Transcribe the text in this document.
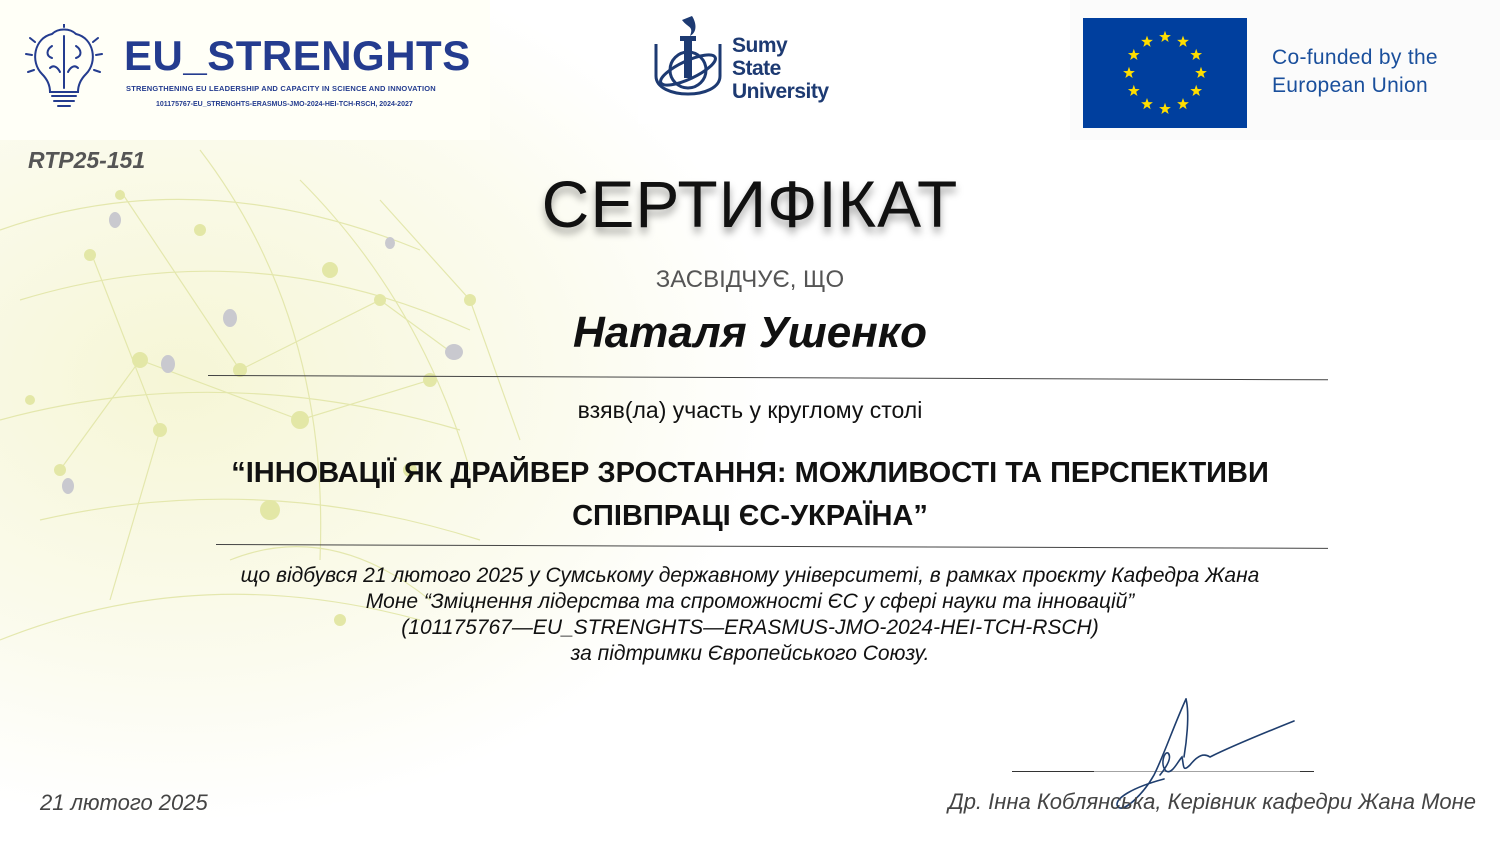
EU_STRENGHTS
STRENGTHENING EU LEADERSHIP AND CAPACITY IN SCIENCE AND INNOVATION
101175767-EU_STRENGHTS-ERASMUS-JMO-2024-HEI-TCH-RSCH, 2024-2027
Sumy
State
University
Co-funded by the
European Union
RTP25-151
СЕРТИФІКАТ
ЗАСВІДЧУЄ, ЩО
Наталя Ушенко
взяв(ла) участь у круглому столі
“ІННОВАЦІЇ ЯК ДРАЙВЕР ЗРОСТАННЯ: МОЖЛИВОСТІ ТА ПЕРСПЕКТИВИ
СПІВПРАЦІ ЄС-УКРАЇНА”
що відбувся 21 лютого 2025 у Сумському державному університеті, в рамках проєкту Кафедра Жана
Моне “Зміцнення лідерства та спроможності ЄС у сфері науки та інновацій”
(101175767—EU_STRENGHTS—ERASMUS-JMO-2024-HEI-TCH-RSCH)
за підтримки Європейського Союзу.
Др. Інна Коблянська, Керівник кафедри Жана Моне
21 лютого 2025
